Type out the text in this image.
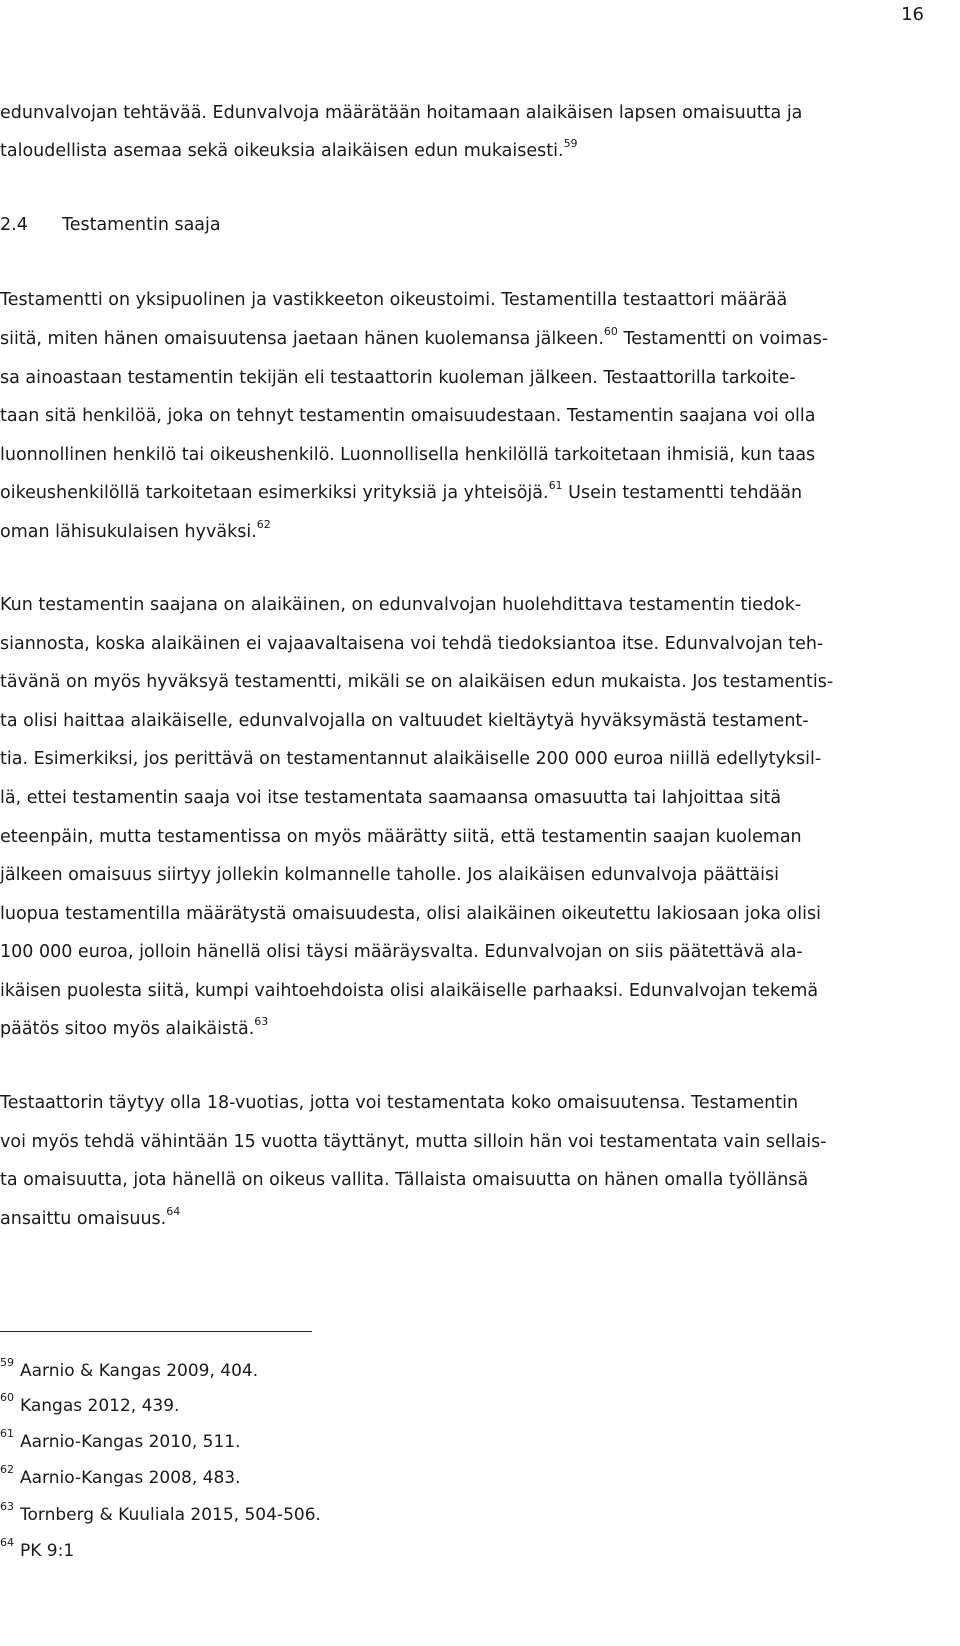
16
edunvalvojan tehtävää. Edunvalvoja määrätään hoitamaan alaikäisen lapsen omaisuutta ja
taloudellista asemaa sekä oikeuksia alaikäisen edun mukaisesti.$^{59}$
2.4 Testamentin saaja
Testamentti on yksipuolinen ja vastikkeeton oikeustoimi. Testamentilla testaattori määrää
siitä, miten hänen omaisuutensa jaetaan hänen kuolemansa jälkeen.$^{60}$ Testamentti on voimas-
sa ainoastaan testamentin tekijän eli testaattorin kuoleman jälkeen. Testaattorilla tarkoite-
taan sitä henkilöä, joka on tehnyt testamentin omaisuudestaan. Testamentin saajana voi olla
luonnollinen henkilö tai oikeushenkilö. Luonnollisella henkilöllä tarkoitetaan ihmisiä, kun taas
oikeushenkilöllä tarkoitetaan esimerkiksi yrityksiä ja yhteisöjä.$^{61}$ Usein testamentti tehdään
oman lähisukulaisen hyväksi.$^{62}$
Kun testamentin saajana on alaikäinen, on edunvalvojan huolehdittava testamentin tiedok-
siannosta, koska alaikäinen ei vajaavaltaisena voi tehdä tiedoksiantoa itse. Edunvalvojan teh-
tävänä on myös hyväksyä testamentti, mikäli se on alaikäisen edun mukaista. Jos testamentis-
ta olisi haittaa alaikäiselle, edunvalvojalla on valtuudet kieltäytyä hyväksymästä testament-
tia. Esimerkiksi, jos perittävä on testamentannut alaikäiselle 200 000 euroa niillä edellytyksil-
lä, ettei testamentin saaja voi itse testamentata saamaansa omasuutta tai lahjoittaa sitä
eteenpäin, mutta testamentissa on myös määrätty siitä, että testamentin saajan kuoleman
jälkeen omaisuus siirtyy jollekin kolmannelle taholle. Jos alaikäisen edunvalvoja päättäisi
luopua testamentilla määrätystä omaisuudesta, olisi alaikäinen oikeutettu lakiosaan joka olisi
100 000 euroa, jolloin hänellä olisi täysi määräysvalta. Edunvalvojan on siis päätettävä ala-
ikäisen puolesta siitä, kumpi vaihtoehdoista olisi alaikäiselle parhaaksi. Edunvalvojan tekemä
päätös sitoo myös alaikäistä.$^{63}$
Testaattorin täytyy olla 18-vuotias, jotta voi testamentata koko omaisuutensa. Testamentin
voi myös tehdä vähintään 15 vuotta täyttänyt, mutta silloin hän voi testamentata vain sellais-
ta omaisuutta, jota hänellä on oikeus vallita. Tällaista omaisuutta on hänen omalla työllänsä
ansaittu omaisuus.$^{64}$
$^{59}$ Aarnio & Kangas 2009, 404.
$^{60}$ Kangas 2012, 439.
$^{61}$ Aarnio-Kangas 2010, 511.
$^{62}$ Aarnio-Kangas 2008, 483.
$^{63}$ Tornberg & Kuuliala 2015, 504-506.
$^{64}$ PK 9:1
